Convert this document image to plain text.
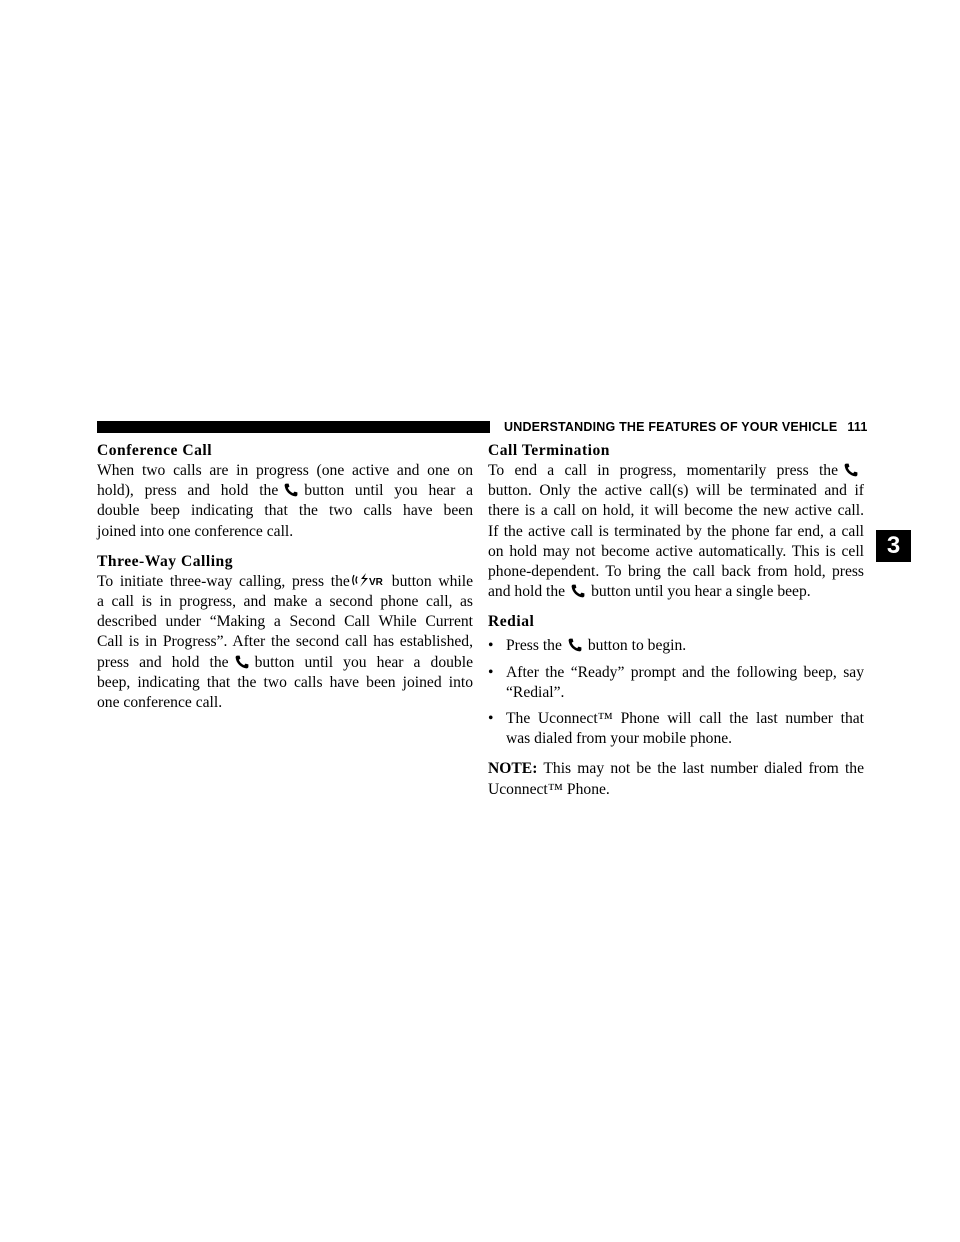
UNDERSTANDING THE FEATURES OF YOUR VEHICLE 111
3
Conference Call

When two calls are in progress (one active and one on
hold), press and hold the button until you hear a
double beep indicating that the two calls have been
joined into one conference call.

Three-Way Calling

To initiate three-way calling, press the VR button while
a call is in progress, and make a second phone call, as
described under “Making a Second Call While Current
Call is in Progress”. After the second call has established,
press and hold the button until you hear a double
beep, indicating that the two calls have been joined into
one conference call.

Call Termination

To end a call in progress, momentarily press the
button. Only the active call(s) will be terminated and if
there is a call on hold, it will become the new active call.
If the active call is terminated by the phone far end, a call
on hold may not become active automatically. This is cell
phone-dependent. To bring the call back from hold, press
and hold the button until you hear a single beep.

Redial
• Press the button to begin.
• After the “Ready” prompt and the following beep, say
“Redial”.
• The Uconnect™ Phone will call the last number that
was dialed from your mobile phone.

NOTE: This may not be the last number dialed from the
Uconnect™ Phone.
